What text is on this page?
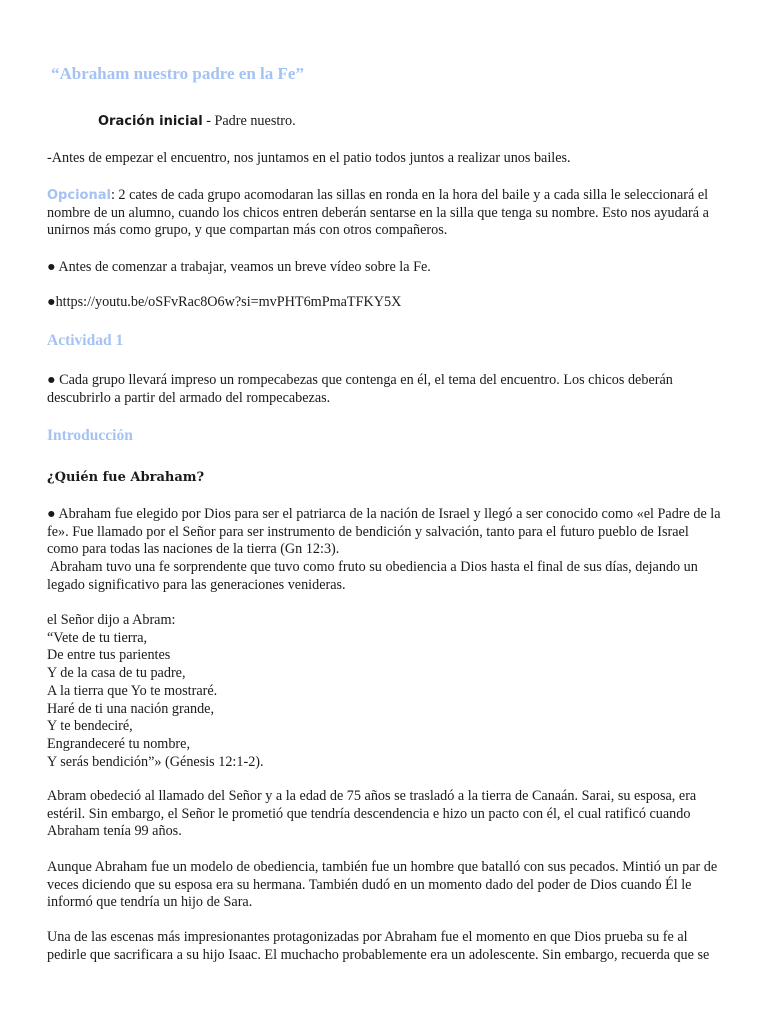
“Abraham nuestro padre en la Fe”

Oración inicial - Padre nuestro.

-Antes de empezar el encuentro, nos juntamos en el patio todos juntos a realizar unos bailes.

Opcional: 2 cates de cada grupo acomodaran las sillas en ronda en la hora del baile y a cada silla le seleccionará el
nombre de un alumno, cuando los chicos entren deberán sentarse en la silla que tenga su nombre. Esto nos ayudará a
unirnos más como grupo, y que compartan más con otros compañeros.

● Antes de comenzar a trabajar, veamos un breve vídeo sobre la Fe.

●https://youtu.be/oSFvRac8O6w?si=mvPHT6mPmaTFKY5X

Actividad 1

● Cada grupo llevará impreso un rompecabezas que contenga en él, el tema del encuentro. Los chicos deberán
descubrirlo a partir del armado del rompecabezas.

Introducción

¿Quién fue Abraham?

● Abraham fue elegido por Dios para ser el patriarca de la nación de Israel y llegó a ser conocido como «el Padre de la
fe». Fue llamado por el Señor para ser instrumento de bendición y salvación, tanto para el futuro pueblo de Israel
como para todas las naciones de la tierra (Gn 12:3).
Abraham tuvo una fe sorprendente que tuvo como fruto su obediencia a Dios hasta el final de sus días, dejando un
legado significativo para las generaciones venideras.

el Señor dijo a Abram:
“Vete de tu tierra,
De entre tus parientes
Y de la casa de tu padre,
A la tierra que Yo te mostraré.
Haré de ti una nación grande,
Y te bendeciré,
Engrandeceré tu nombre,
Y serás bendición”» (Génesis 12:1-2).

Abram obedeció al llamado del Señor y a la edad de 75 años se trasladó a la tierra de Canaán. Sarai, su esposa, era
estéril. Sin embargo, el Señor le prometió que tendría descendencia e hizo un pacto con él, el cual ratificó cuando
Abraham tenía 99 años.

Aunque Abraham fue un modelo de obediencia, también fue un hombre que batalló con sus pecados. Mintió un par de
veces diciendo que su esposa era su hermana. También dudó en un momento dado del poder de Dios cuando Él le
informó que tendría un hijo de Sara.

Una de las escenas más impresionantes protagonizadas por Abraham fue el momento en que Dios prueba su fe al
pedirle que sacrificara a su hijo Isaac. El muchacho probablemente era un adolescente. Sin embargo, recuerda que se
